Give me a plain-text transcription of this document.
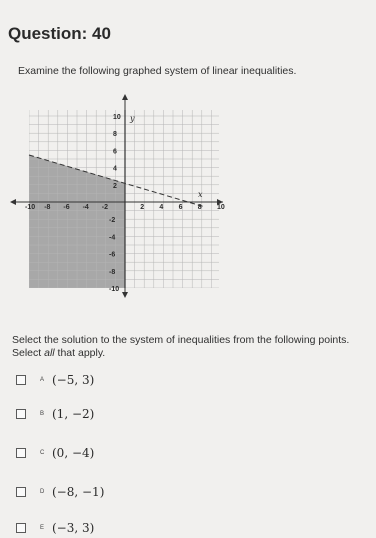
Question: 40
Examine the following graphed system of linear inequalities.
-10 -8 -6 -4 -2	2 4 6 8 10
10
8
6
4
2
-2
-4
-6
-8
-10
x
y
Select the solution to the system of inequalities from the following points. Select all that apply.
A (−5, 3)
B (1, −2)
C (0, −4)
D (−8, −1)
E (−3, 3)
